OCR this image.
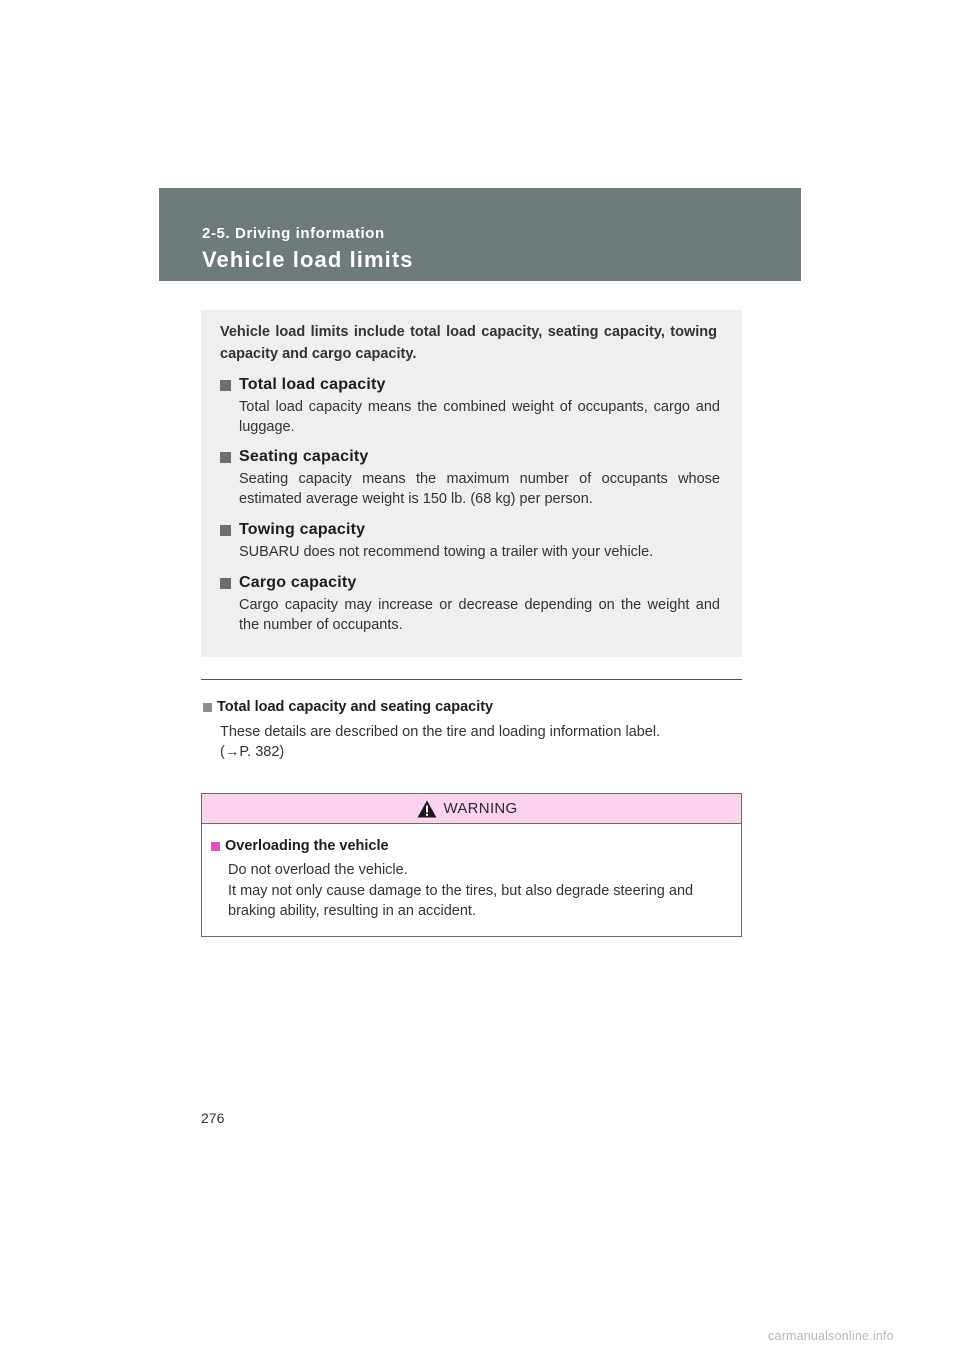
2-5. Driving information
Vehicle load limits
Vehicle load limits include total load capacity, seating capacity, towing capacity and cargo capacity.
Total load capacity
Total load capacity means the combined weight of occupants, cargo and luggage.
Seating capacity
Seating capacity means the maximum number of occupants whose estimated average weight is 150 lb. (68 kg) per person.
Towing capacity
SUBARU does not recommend towing a trailer with your vehicle.
Cargo capacity
Cargo capacity may increase or decrease depending on the weight and the number of occupants.
Total load capacity and seating capacity
These details are described on the tire and loading information label.
(→P. 382)
WARNING
Overloading the vehicle
Do not overload the vehicle.
It may not only cause damage to the tires, but also degrade steering and braking ability, resulting in an accident.
276
carmanualsonline.info
